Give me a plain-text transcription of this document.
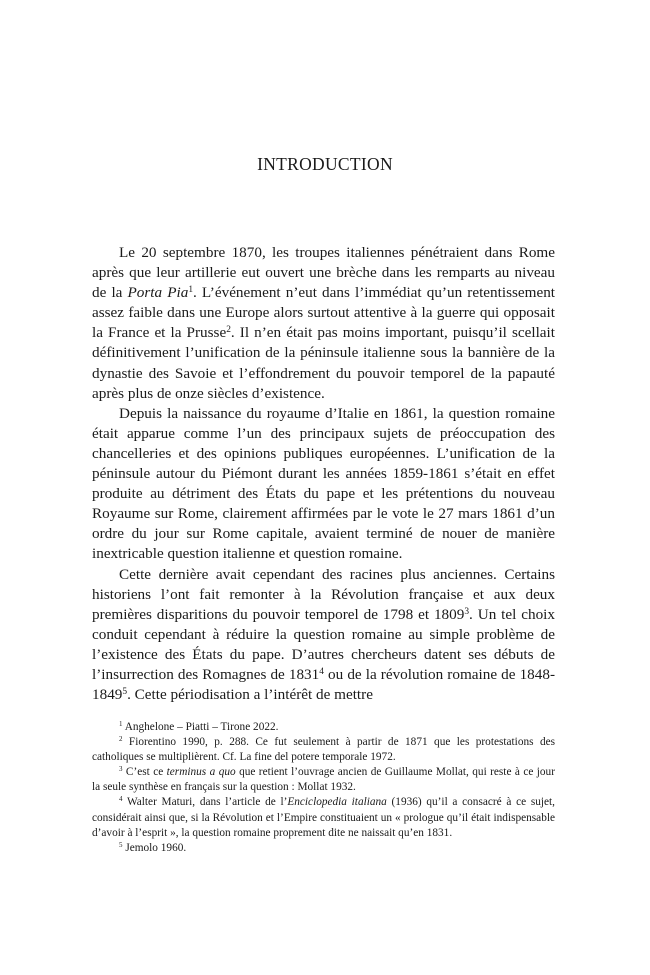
INTRODUCTION

Le 20 septembre 1870, les troupes italiennes pénétraient dans Rome après que leur artillerie eut ouvert une brèche dans les remparts au niveau de la Porta Pia$^1$. L’événement n’eut dans l’immédiat qu’un retentissement assez faible dans une Europe alors surtout attentive à la guerre qui opposait la France et la Prusse$^2$. Il n’en était pas moins important, puisqu’il scellait définitivement l’unification de la péninsule italienne sous la bannière de la dynastie des Savoie et l’effondrement du pouvoir temporel de la papauté après plus de onze siècles d’existence.

Depuis la naissance du royaume d’Italie en 1861, la question romaine était apparue comme l’un des principaux sujets de préoccupation des chancelleries et des opinions publiques européennes. L’unification de la péninsule autour du Piémont durant les années 1859-1861 s’était en effet produite au détriment des États du pape et les prétentions du nouveau Royaume sur Rome, clairement affirmées par le vote le 27 mars 1861 d’un ordre du jour sur Rome capitale, avaient terminé de nouer de manière inextricable question italienne et question romaine.

Cette dernière avait cependant des racines plus anciennes. Certains historiens l’ont fait remonter à la Révolution française et aux deux premières disparitions du pouvoir temporel de 1798 et 1809$^3$. Un tel choix conduit cependant à réduire la question romaine au simple problème de l’existence des États du pape. D’autres chercheurs datent ses débuts de l’insurrection des Romagnes de 1831$^4$ ou de la révolution romaine de 1848-1849$^5$. Cette périodisation a l’intérêt de mettre

$^1$ Anghelone – Piatti – Tirone 2022.

$^2$ Fiorentino 1990, p. 288. Ce fut seulement à partir de 1871 que les protestations des catholiques se multiplièrent. Cf. La fine del potere temporale 1972.

$^3$ C’est ce terminus a quo que retient l’ouvrage ancien de Guillaume Mollat, qui reste à ce jour la seule synthèse en français sur la question : Mollat 1932.

$^4$ Walter Maturi, dans l’article de l’Enciclopedia italiana (1936) qu’il a consacré à ce sujet, considérait ainsi que, si la Révolution et l’Empire constituaient un « prologue qu’il était indispensable d’avoir à l’esprit », la question romaine proprement dite ne naissait qu’en 1831.

$^5$ Jemolo 1960.
